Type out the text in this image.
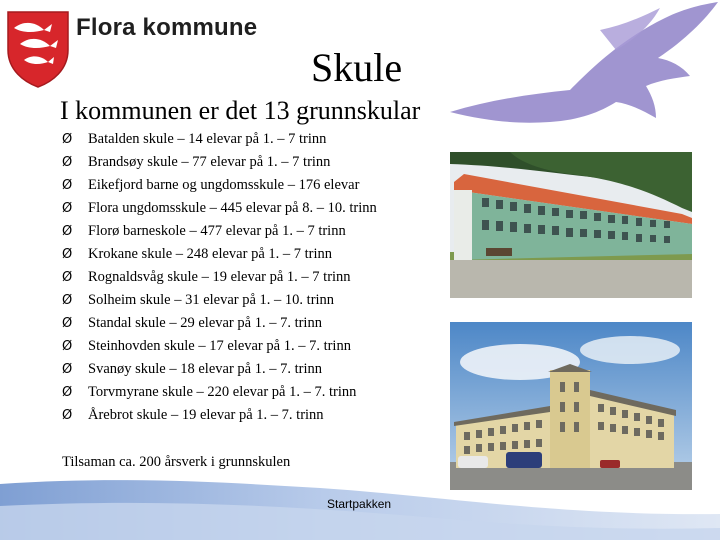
Flora kommune
Skule
I kommunen er det 13 grunnskular
Ø Batalden skule – 14 elevar på 1. – 7 trinn
Ø Brandsøy skule – 77 elevar på 1. – 7 trinn
Ø Eikefjord barne og ungdomsskule – 176 elevar
Ø Flora ungdomsskule – 445 elevar på 8. – 10. trinn
Ø Florø barneskole – 477 elevar på 1. – 7 trinn
Ø Krokane skule – 248 elevar på 1. – 7 trinn
Ø Rognaldsvåg skule – 19 elevar på 1. – 7 trinn
Ø Solheim skule – 31 elevar på 1. – 10. trinn
Ø Standal skule – 29 elevar på 1. – 7. trinn
Ø Steinhovden skule – 17 elevar på 1. – 7. trinn
Ø Svanøy skule – 18 elevar på 1. – 7. trinn
Ø Torvmyrane skule – 220 elevar på 1. – 7. trinn
Ø Årebrot skule – 19 elevar på 1. – 7. trinn
Tilsaman ca. 200 årsverk i grunnskulen
Startpakken
